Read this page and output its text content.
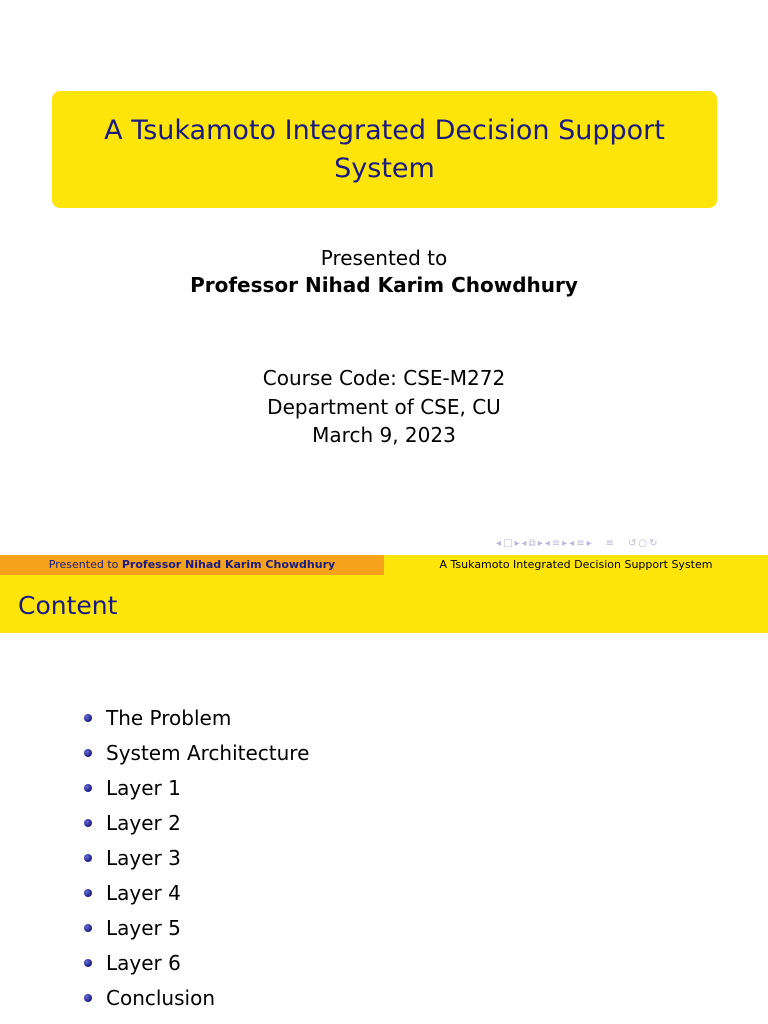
A Tsukamoto Integrated Decision Support System
Presented to
Professor Nihad Karim Chowdhury
Course Code: CSE-M272
Department of CSE, CU
March 9, 2023
◂ □ ▸ ◂ ⧉ ▸ ◂ ≡ ▸ ◂ ≡ ▸ ≡ ↺ ○ ↻
Presented to Professor Nihad Karim Chowdhury	A Tsukamoto Integrated Decision Support System
Content
The Problem
System Architecture
Layer 1
Layer 2
Layer 3
Layer 4
Layer 5
Layer 6
Conclusion
